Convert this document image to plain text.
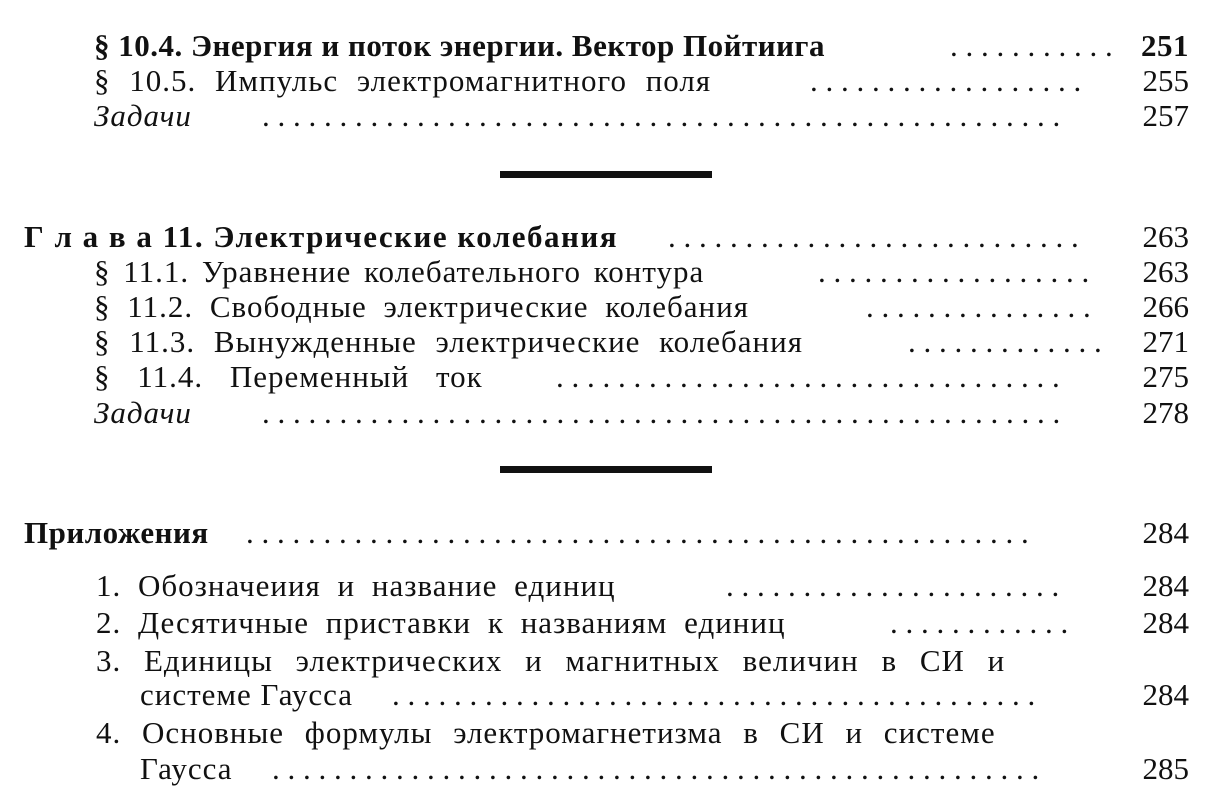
§ 10.4. Энергия и поток энергии. Вектор Пойтиига	. . . . . . . . . . . 251
§ 10.5. Импульс электромагнитного поля	. . . . . . . . . . . . . . . . . .	255
Задачи . . . . . . . . . . . . . . . . . . . . . . . . . . . . . . . . . . . . . . . . . . . . . . . . . . . .	257
Г л а в а 11. Электрические колебания . . . . . . . . . . . . . . . . . . . . . . . . . . .	263
§ 11.1. Уравнение колебательного контура	. . . . . . . . . . . . . . . . . .	263
§ 11.2. Свободные электрические колебания	. . . . . . . . . . . . . . .	266
§ 11.3. Вынужденные электрические колебания	. . . . . . . . . . . . .	271
§ 11.4. Переменный ток . . . . . . . . . . . . . . . . . . . . . . . . . . . . . . . . .	275
Задачи . . . . . . . . . . . . . . . . . . . . . . . . . . . . . . . . . . . . . . . . . . . . . . . . . . . .	278
Приложения . . . . . . . . . . . . . . . . . . . . . . . . . . . . . . . . . . . . . . . . . . . . . . . . . . .	284
1. Обозначеиия и название единиц	. . . . . . . . . . . . . . . . . . . . . .	284
2. Десятичные приставки к названиям единиц	. . . . . . . . . . . .	284
3. Единицы электрических и магнитных величин в СИ и
системе Гаусса . . . . . . . . . . . . . . . . . . . . . . . . . . . . . . . . . . . . . . . . . .	284
4. Основные формулы электромагнетизма в СИ и системе
Гаусса . . . . . . . . . . . . . . . . . . . . . . . . . . . . . . . . . . . . . . . . . . . . . . . . . .	285
